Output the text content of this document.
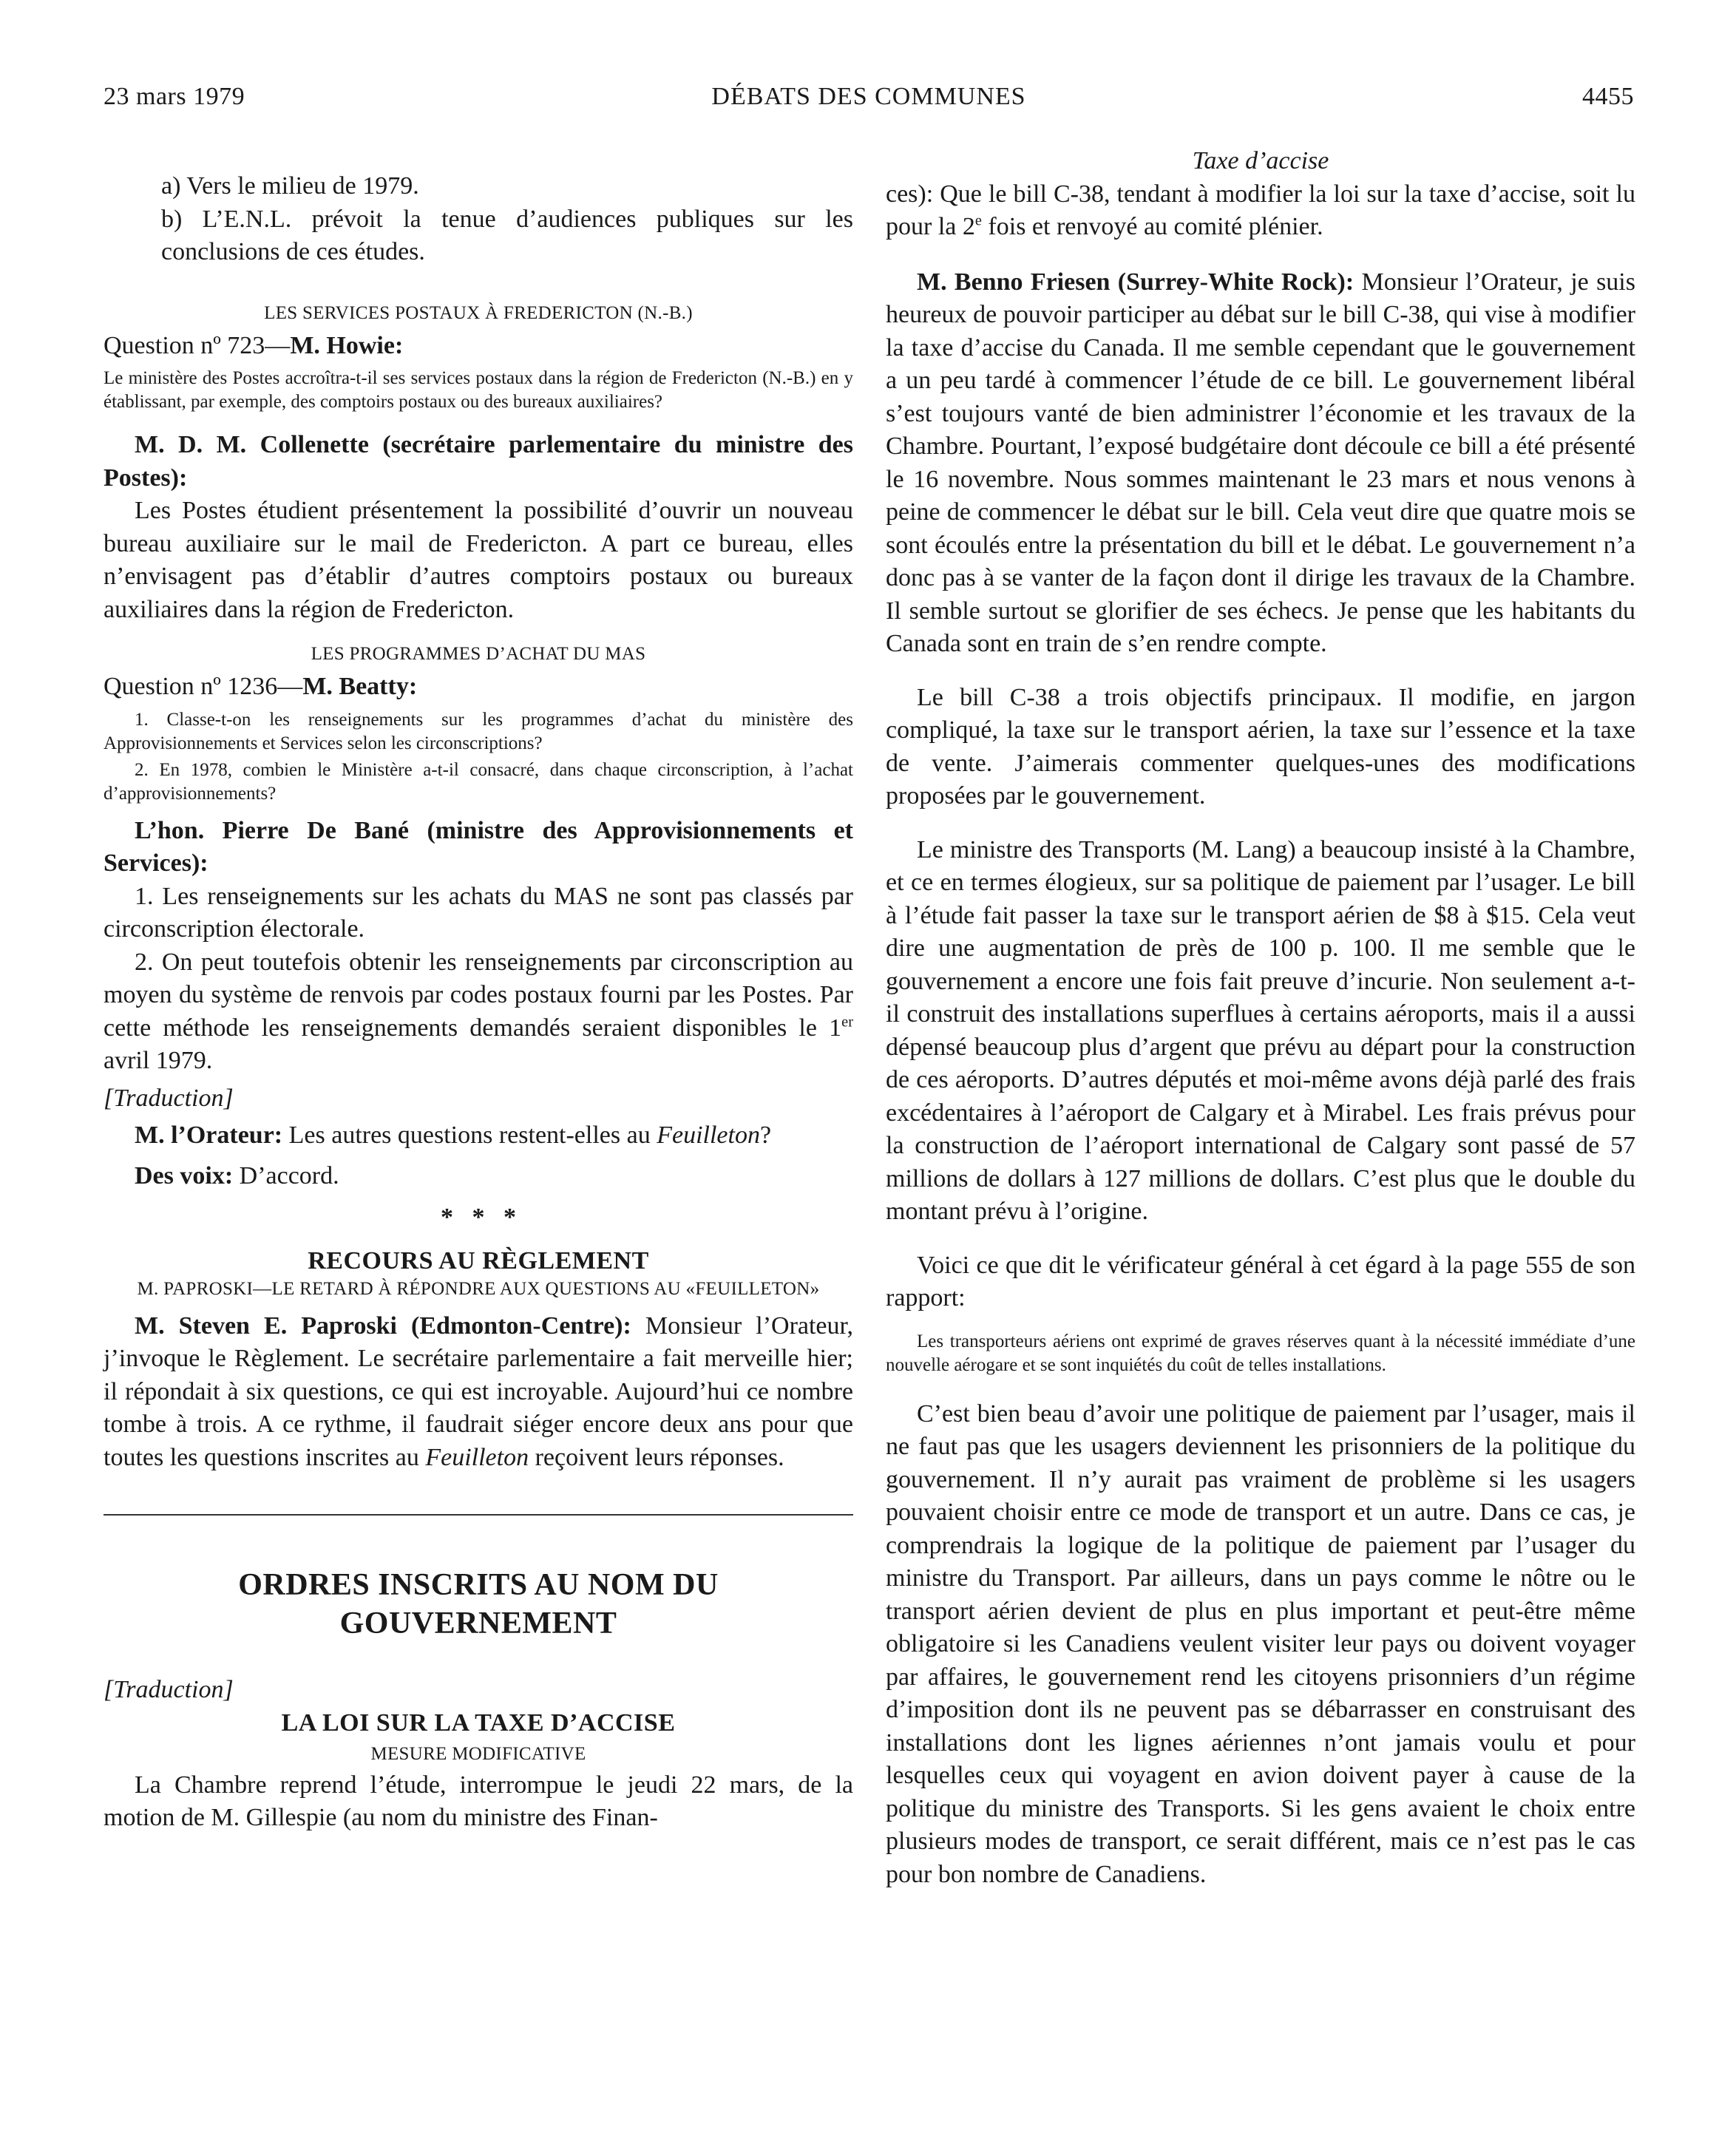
23 mars 1979	DÉBATS DES COMMUNES	4455

a) Vers le milieu de 1979.

b) L’E.N.L. prévoit la tenue d’audiences publiques sur les conclusions de ces études.

LES SERVICES POSTAUX À FREDERICTON (N.-B.)

Question nº 723—M. Howie:

Le ministère des Postes accroîtra-t-il ses services postaux dans la région de Fredericton (N.-B.) en y établissant, par exemple, des comptoirs postaux ou des bureaux auxiliaires?

M. D. M. Collenette (secrétaire parlementaire du ministre des Postes):

Les Postes étudient présentement la possibilité d’ouvrir un nouveau bureau auxiliaire sur le mail de Fredericton. A part ce bureau, elles n’envisagent pas d’établir d’autres comptoirs postaux ou bureaux auxiliaires dans la région de Fredericton.

LES PROGRAMMES D’ACHAT DU MAS

Question nº 1236—M. Beatty:

1. Classe-t-on les renseignements sur les programmes d’achat du ministère des Approvisionnements et Services selon les circonscriptions?

2. En 1978, combien le Ministère a-t-il consacré, dans chaque circonscription, à l’achat d’approvisionnements?

L’hon. Pierre De Bané (ministre des Approvisionnements et Services):

1. Les renseignements sur les achats du MAS ne sont pas classés par circonscription électorale.

2. On peut toutefois obtenir les renseignements par circonscription au moyen du système de renvois par codes postaux fourni par les Postes. Par cette méthode les renseignements demandés seraient disponibles le 1er avril 1979.

[Traduction]

M. l’Orateur: Les autres questions restent-elles au Feuilleton?

Des voix: D’accord.

*   *   *

RECOURS AU RÈGLEMENT

M. PAPROSKI—LE RETARD À RÉPONDRE AUX QUESTIONS AU «FEUILLETON»

M. Steven E. Paproski (Edmonton-Centre): Monsieur l’Orateur, j’invoque le Règlement. Le secrétaire parlementaire a fait merveille hier; il répondait à six questions, ce qui est incroyable. Aujourd’hui ce nombre tombe à trois. A ce rythme, il faudrait siéger encore deux ans pour que toutes les questions inscrites au Feuilleton reçoivent leurs réponses.

ORDRES INSCRITS AU NOM DU GOUVERNEMENT

[Traduction]

LA LOI SUR LA TAXE D’ACCISE

MESURE MODIFICATIVE

La Chambre reprend l’étude, interrompue le jeudi 22 mars, de la motion de M. Gillespie (au nom du ministre des Finan-

Taxe d’accise

ces): Que le bill C-38, tendant à modifier la loi sur la taxe d’accise, soit lu pour la 2e fois et renvoyé au comité plénier.

M. Benno Friesen (Surrey-White Rock): Monsieur l’Orateur, je suis heureux de pouvoir participer au débat sur le bill C-38, qui vise à modifier la taxe d’accise du Canada. Il me semble cependant que le gouvernement a un peu tardé à commencer l’étude de ce bill. Le gouvernement libéral s’est toujours vanté de bien administrer l’économie et les travaux de la Chambre. Pourtant, l’exposé budgétaire dont découle ce bill a été présenté le 16 novembre. Nous sommes maintenant le 23 mars et nous venons à peine de commencer le débat sur le bill. Cela veut dire que quatre mois se sont écoulés entre la présentation du bill et le débat. Le gouvernement n’a donc pas à se vanter de la façon dont il dirige les travaux de la Chambre. Il semble surtout se glorifier de ses échecs. Je pense que les habitants du Canada sont en train de s’en rendre compte.

Le bill C-38 a trois objectifs principaux. Il modifie, en jargon compliqué, la taxe sur le transport aérien, la taxe sur l’essence et la taxe de vente. J’aimerais commenter quelques-unes des modifications proposées par le gouvernement.

Le ministre des Transports (M. Lang) a beaucoup insisté à la Chambre, et ce en termes élogieux, sur sa politique de paiement par l’usager. Le bill à l’étude fait passer la taxe sur le transport aérien de $8 à $15. Cela veut dire une augmentation de près de 100 p. 100. Il me semble que le gouvernement a encore une fois fait preuve d’incurie. Non seulement a-t-il construit des installations superflues à certains aéroports, mais il a aussi dépensé beaucoup plus d’argent que prévu au départ pour la construction de ces aéroports. D’autres députés et moi-même avons déjà parlé des frais excédentaires à l’aéroport de Calgary et à Mirabel. Les frais prévus pour la construction de l’aéroport international de Calgary sont passé de 57 millions de dollars à 127 millions de dollars. C’est plus que le double du montant prévu à l’origine.

Voici ce que dit le vérificateur général à cet égard à la page 555 de son rapport:

Les transporteurs aériens ont exprimé de graves réserves quant à la nécessité immédiate d’une nouvelle aérogare et se sont inquiétés du coût de telles installations.

C’est bien beau d’avoir une politique de paiement par l’usager, mais il ne faut pas que les usagers deviennent les prisonniers de la politique du gouvernement. Il n’y aurait pas vraiment de problème si les usagers pouvaient choisir entre ce mode de transport et un autre. Dans ce cas, je comprendrais la logique de la politique de paiement par l’usager du ministre du Transport. Par ailleurs, dans un pays comme le nôtre ou le transport aérien devient de plus en plus important et peut-être même obligatoire si les Canadiens veulent visiter leur pays ou doivent voyager par affaires, le gouvernement rend les citoyens prisonniers d’un régime d’imposition dont ils ne peuvent pas se débarrasser en construisant des installations dont les lignes aériennes n’ont jamais voulu et pour lesquelles ceux qui voyagent en avion doivent payer à cause de la politique du ministre des Transports. Si les gens avaient le choix entre plusieurs modes de transport, ce serait différent, mais ce n’est pas le cas pour bon nombre de Canadiens.
